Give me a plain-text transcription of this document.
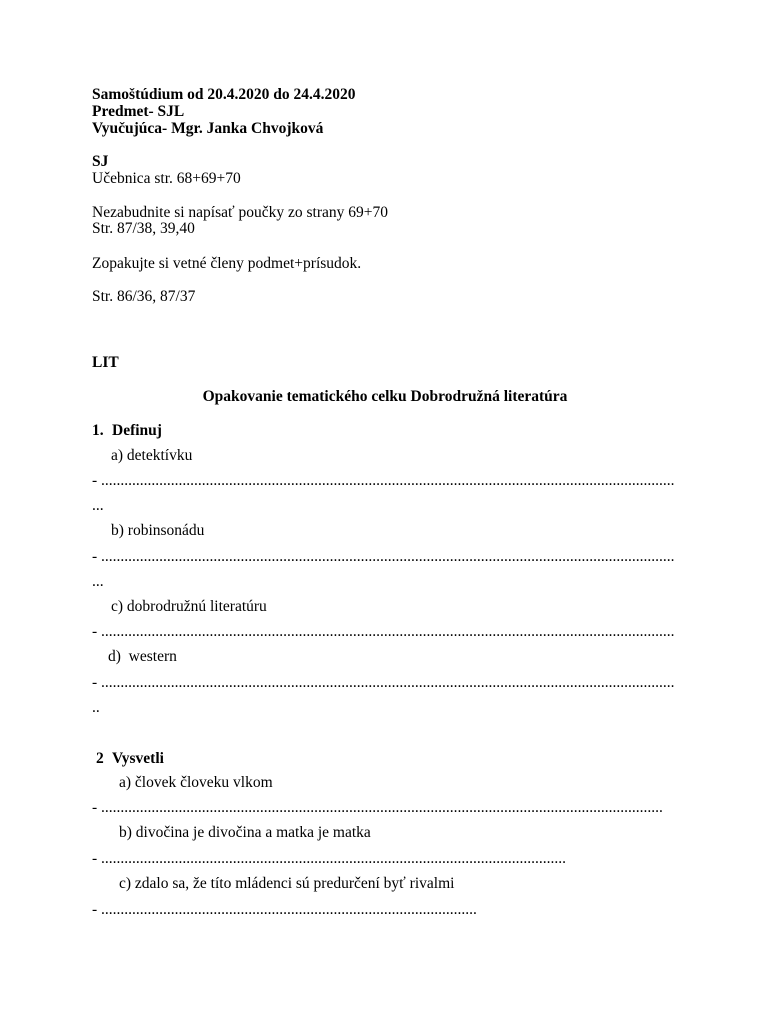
Samoštúdium od 20.4.2020 do 24.4.2020
Predmet- SJL
Vyučujúca- Mgr. Janka Chvojková
SJ
Učebnica str. 68+69+70
Nezabudnite si napísať poučky zo strany 69+70
Str. 87/38, 39,40
Zopakujte si vetné členy podmet+prísudok.
Str. 86/36, 87/37
LIT
Opakovanie tematického celku Dobrodružná literatúra
1. Definuj
a) detektívku
- ....................................................................................................................................................
...
b) robinsonádu
- ....................................................................................................................................................
...
c) dobrodružnú literatúru
- ....................................................................................................................................................
d)  western
- ....................................................................................................................................................
..
2 Vysvetli
a) človek človeku vlkom
- .................................................................................................................................................
b) divočina je divočina a matka je matka
- ........................................................................................................................
c) zdalo sa, že títo mládenci sú predurčení byť rivalmi
- .................................................................................................
